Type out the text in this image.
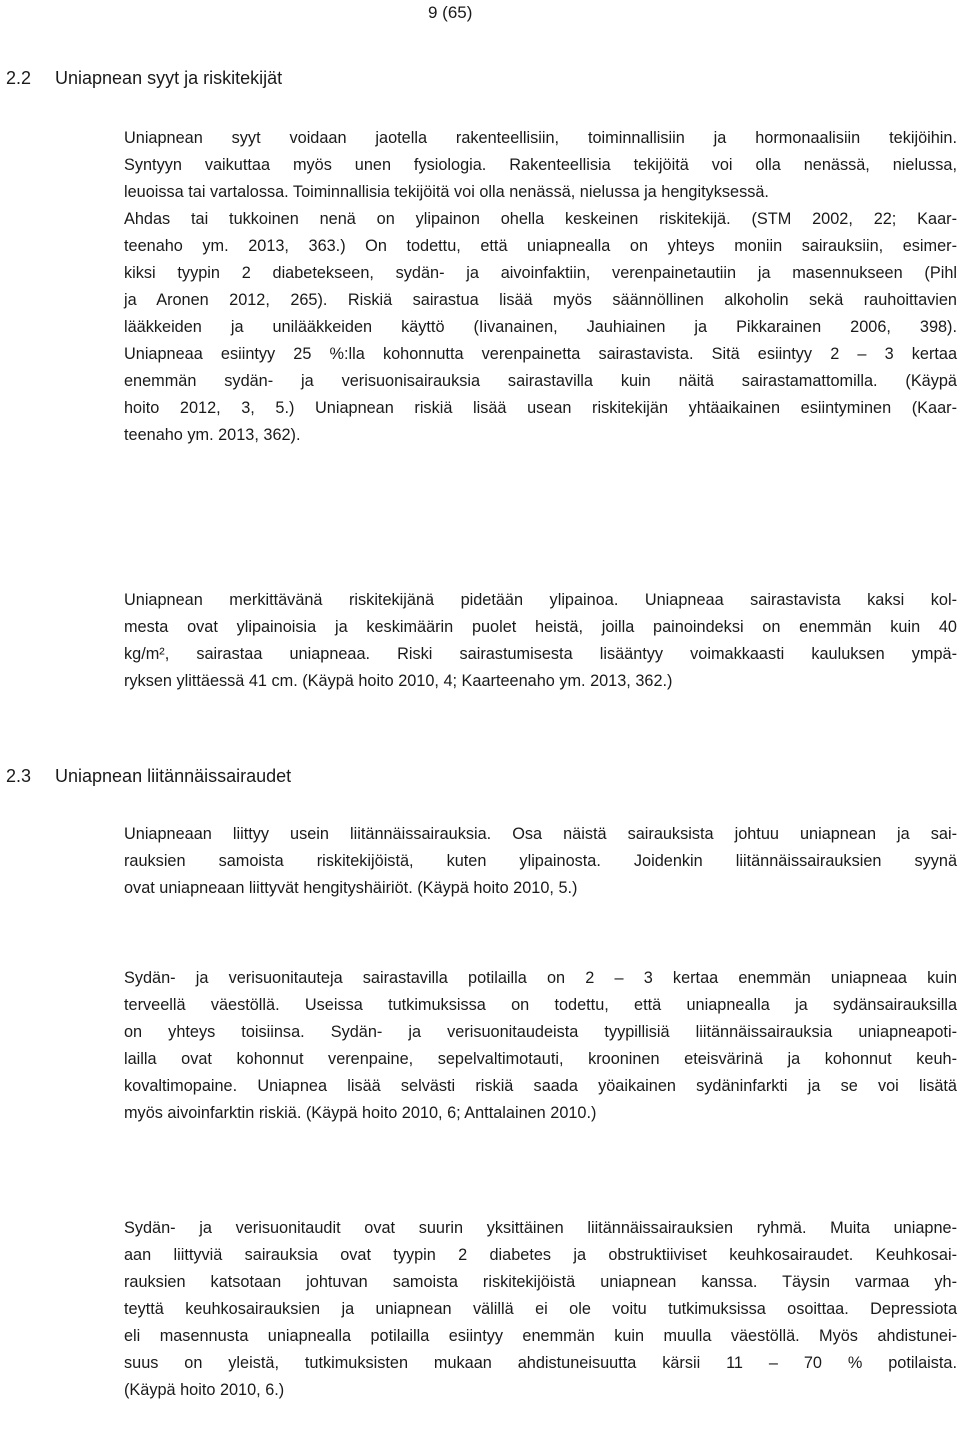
9 (65)
2.2 Uniapnean syyt ja riskitekijät
Uniapnean syyt voidaan jaotella rakenteellisiin, toiminnallisiin ja hormonaalisiin tekijöihin.
Syntyyn vaikuttaa myös unen fysiologia. Rakenteellisia tekijöitä voi olla nenässä, nielussa,
leuoissa tai vartalossa. Toiminnallisia tekijöitä voi olla nenässä, nielussa ja hengityksessä.
Ahdas tai tukkoinen nenä on ylipainon ohella keskeinen riskitekijä. (STM 2002, 22; Kaar-
teenaho ym. 2013, 363.) On todettu, että uniapnealla on yhteys moniin sairauksiin, esimer-
kiksi tyypin 2 diabetekseen, sydän- ja aivoinfaktiin, verenpainetautiin ja masennukseen (Pihl
ja Aronen 2012, 265). Riskiä sairastua lisää myös säännöllinen alkoholin sekä rauhoittavien
lääkkeiden ja unilääkkeiden käyttö (Iivanainen, Jauhiainen ja Pikkarainen 2006, 398).
Uniapneaa esiintyy 25 %:lla kohonnutta verenpainetta sairastavista. Sitä esiintyy 2 – 3 kertaa
enemmän sydän- ja verisuonisairauksia sairastavilla kuin näitä sairastamattomilla. (Käypä
hoito 2012, 3, 5.) Uniapnean riskiä lisää usean riskitekijän yhtäaikainen esiintyminen (Kaar-
teenaho ym. 2013, 362).
Uniapnean merkittävänä riskitekijänä pidetään ylipainoa. Uniapneaa sairastavista kaksi kol-
mesta ovat ylipainoisia ja keskimäärin puolet heistä, joilla painoindeksi on enemmän kuin 40
kg/m², sairastaa uniapneaa. Riski sairastumisesta lisääntyy voimakkaasti kauluksen ympä-
ryksen ylittäessä 41 cm. (Käypä hoito 2010, 4; Kaarteenaho ym. 2013, 362.)
2.3 Uniapnean liitännäissairaudet
Uniapneaan liittyy usein liitännäissairauksia. Osa näistä sairauksista johtuu uniapnean ja sai-
rauksien samoista riskitekijöistä, kuten ylipainosta. Joidenkin liitännäissairauksien syynä
ovat uniapneaan liittyvät hengityshäiriöt. (Käypä hoito 2010, 5.)
Sydän- ja verisuonitauteja sairastavilla potilailla on 2 – 3 kertaa enemmän uniapneaa kuin
terveellä väestöllä. Useissa tutkimuksissa on todettu, että uniapnealla ja sydänsairauksilla
on yhteys toisiinsa. Sydän- ja verisuonitaudeista tyypillisiä liitännäissairauksia uniapneapoti-
lailla ovat kohonnut verenpaine, sepelvaltimotauti, krooninen eteisvärinä ja kohonnut keuh-
kovaltimopaine. Uniapnea lisää selvästi riskiä saada yöaikainen sydäninfarkti ja se voi lisätä
myös aivoinfarktin riskiä. (Käypä hoito 2010, 6; Anttalainen 2010.)
Sydän- ja verisuonitaudit ovat suurin yksittäinen liitännäissairauksien ryhmä. Muita uniapne-
aan liittyviä sairauksia ovat tyypin 2 diabetes ja obstruktiiviset keuhkosairaudet. Keuhkosai-
rauksien katsotaan johtuvan samoista riskitekijöistä uniapnean kanssa. Täysin varmaa yh-
teyttä keuhkosairauksien ja uniapnean välillä ei ole voitu tutkimuksissa osoittaa. Depressiota
eli masennusta uniapnealla potilailla esiintyy enemmän kuin muulla väestöllä. Myös ahdistunei-
suus on yleistä, tutkimuksisten mukaan ahdistuneisuutta kärsii 11 – 70 % potilaista.
(Käypä hoito 2010, 6.)
